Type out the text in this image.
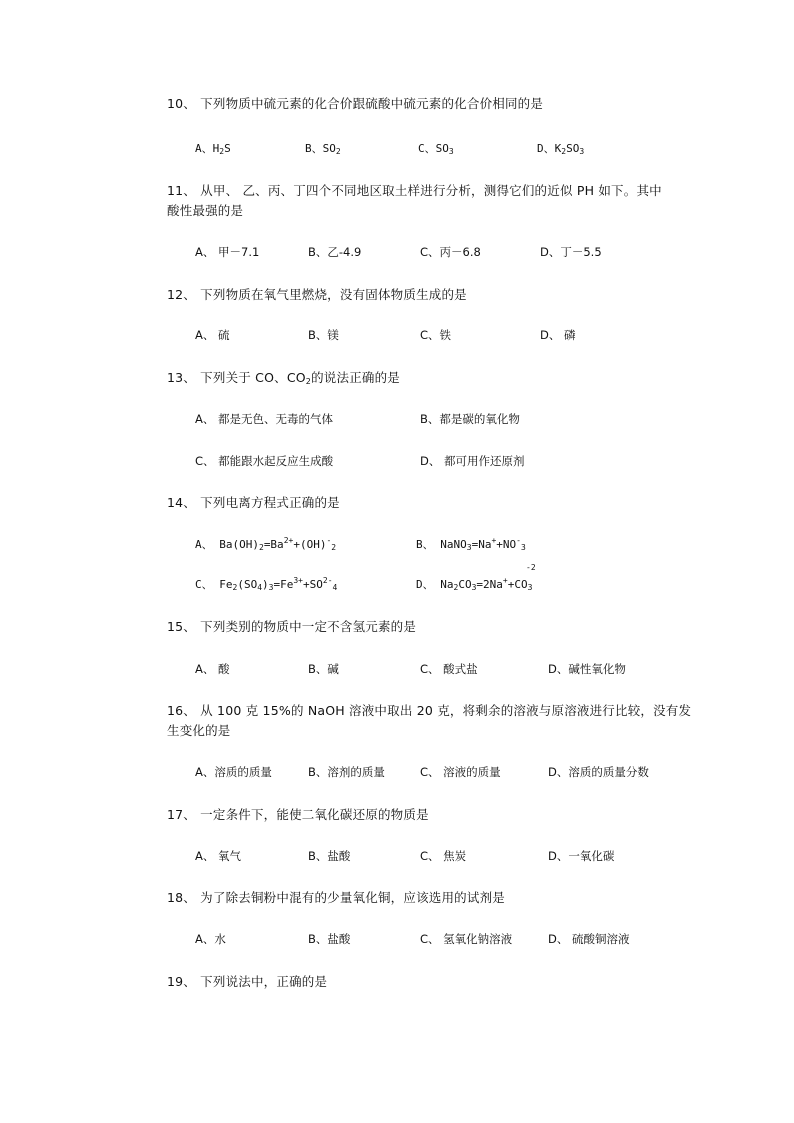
10、 下列物质中硫元素的化合价跟硫酸中硫元素的化合价相同的是
A、$H_2S$	B、$SO_2$	C、$SO_3$	D、$K_2SO_3$
11、 从甲、 乙、丙、丁四个不同地区取土样进行分析，测得它们的近似 PH 如下。其中
酸性最强的是
A、 甲－7.1	B、乙-4.9	C、丙－6.8	D、丁－5.5
12、 下列物质在氧气里燃烧，没有固体物质生成的是
A、 硫	B、镁	C、铁	D、 磷
13、 下列关于 CO、$CO_2$的说法正确的是
A、 都是无色、无毒的气体	B、都是碳的氧化物
C、 都能跟水起反应生成酸	D、 都可用作还原剂
14、 下列电离方程式正确的是
A、 $Ba(OH)_2=Ba^{2+}+(OH)^-_2$	B、 $NaNO_3=Na^++NO^-_3$
-2
C、 $Fe_2(SO_4)_3=Fe^{3+}+SO^{2-}_4$	D、 $Na_2CO_3=2Na^++CO_3$
15、 下列类别的物质中一定不含氢元素的是
A、 酸	B、碱	C、 酸式盐	D、碱性氧化物
16、 从 100 克 15%的 NaOH 溶液中取出 20 克，将剩余的溶液与原溶液进行比较，没有发
生变化的是
A、溶质的质量	B、溶剂的质量	C、 溶液的质量	D、溶质的质量分数
17、 一定条件下，能使二氧化碳还原的物质是
A、 氧气	B、盐酸	C、 焦炭	D、一氧化碳
18、 为了除去铜粉中混有的少量氧化铜，应该选用的试剂是
A、水	B、盐酸	C、 氢氧化钠溶液	D、 硫酸铜溶液
19、 下列说法中，正确的是
